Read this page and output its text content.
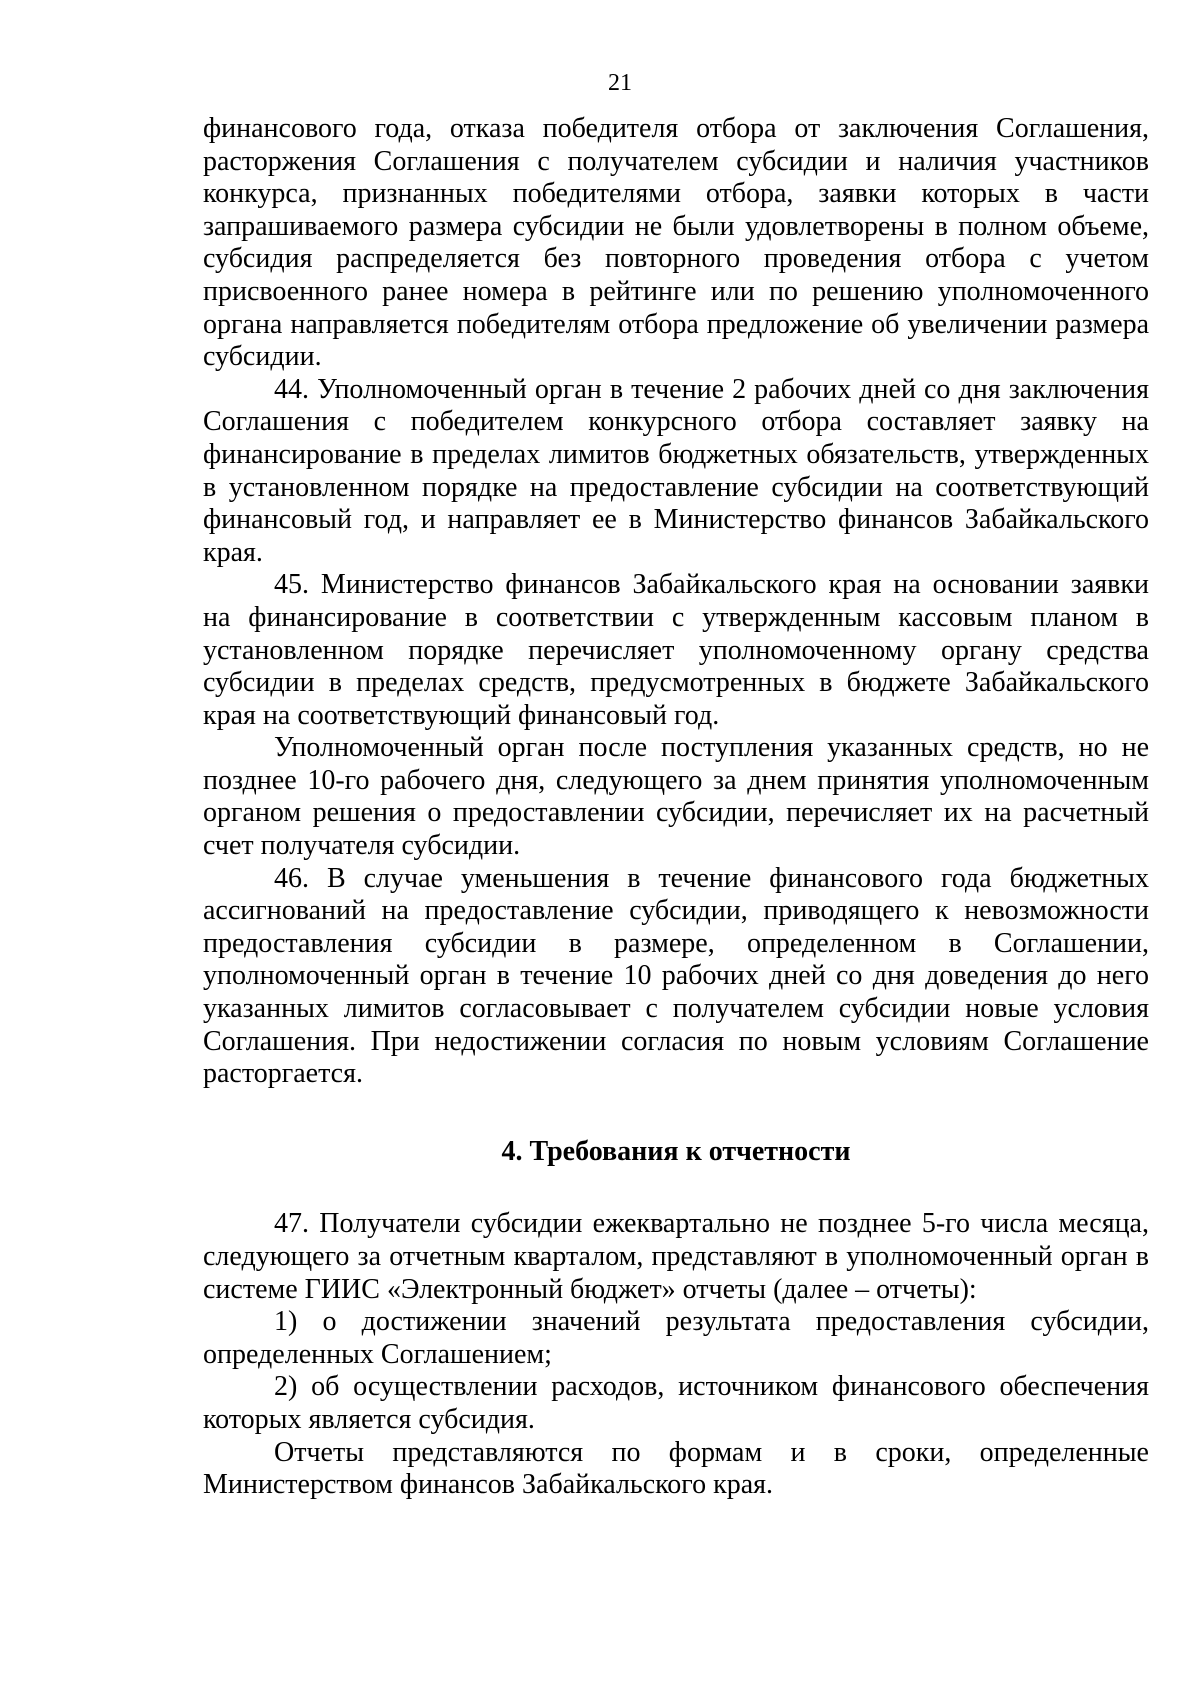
21

финансового года, отказа победителя отбора от заключения Соглашения, расторжения Соглашения с получателем субсидии и наличия участников конкурса, признанных победителями отбора, заявки которых в части запрашиваемого размера субсидии не были удовлетворены в полном объеме, субсидия распределяется без повторного проведения отбора с учетом присвоенного ранее номера в рейтинге или по решению уполномоченного органа направляется победителям отбора предложение об увеличении размера субсидии.

44. Уполномоченный орган в течение 2 рабочих дней со дня заключения Соглашения с победителем конкурсного отбора составляет заявку на финансирование в пределах лимитов бюджетных обязательств, утвержденных в установленном порядке на предоставление субсидии на соответствующий финансовый год, и направляет ее в Министерство финансов Забайкальского края.

45. Министерство финансов Забайкальского края на основании заявки на финансирование в соответствии с утвержденным кассовым планом в установленном порядке перечисляет уполномоченному органу средства субсидии в пределах средств, предусмотренных в бюджете Забайкальского края на соответствующий финансовый год.

Уполномоченный орган после поступления указанных средств, но не позднее 10-го рабочего дня, следующего за днем принятия уполномоченным органом решения о предоставлении субсидии, перечисляет их на расчетный счет получателя субсидии.

46. В случае уменьшения в течение финансового года бюджетных ассигнований на предоставление субсидии, приводящего к невозможности предоставления субсидии в размере, определенном в Соглашении, уполномоченный орган в течение 10 рабочих дней со дня доведения до него указанных лимитов согласовывает с получателем субсидии новые условия Соглашения. При недостижении согласия по новым условиям Соглашение расторгается.

4. Требования к отчетности

47. Получатели субсидии ежеквартально не позднее 5-го числа месяца, следующего за отчетным кварталом, представляют в уполномоченный орган в системе ГИИС «Электронный бюджет» отчеты (далее – отчеты):

1) о достижении значений результата предоставления субсидии, определенных Соглашением;

2) об осуществлении расходов, источником финансового обеспечения которых является субсидия.

Отчеты представляются по формам и в сроки, определенные Министерством финансов Забайкальского края.
